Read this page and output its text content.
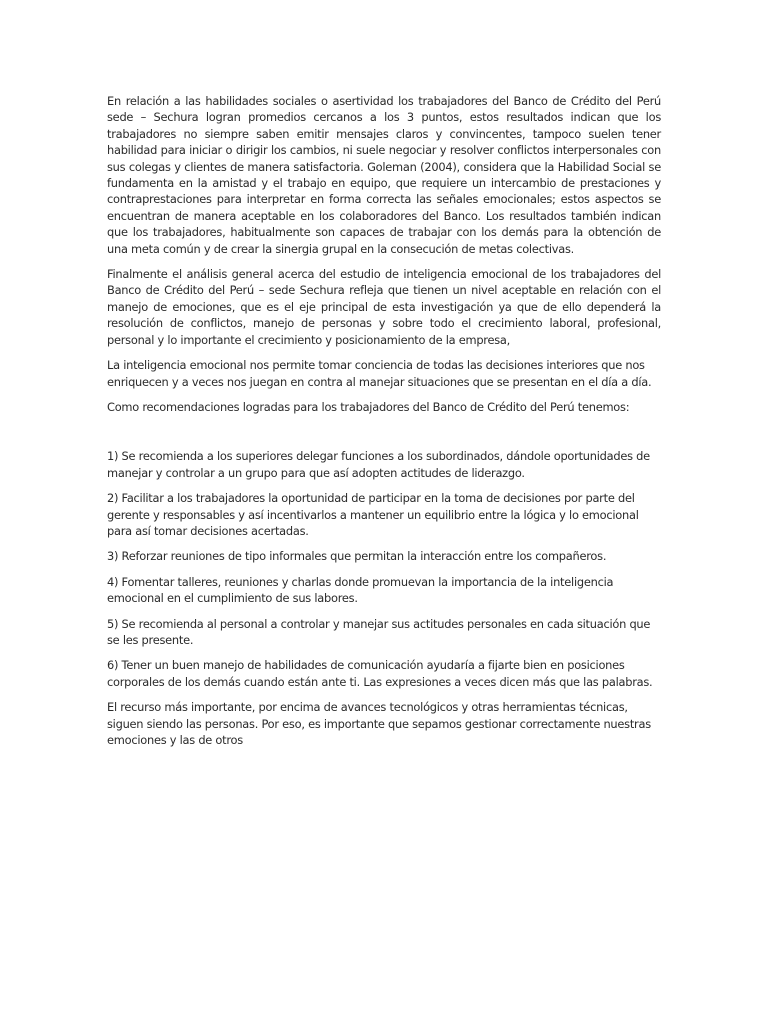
En relación a las habilidades sociales o asertividad los trabajadores del Banco de Crédito del Perú sede – Sechura logran promedios cercanos a los 3 puntos, estos resultados indican que los trabajadores no siempre saben emitir mensajes claros y convincentes, tampoco suelen tener habilidad para iniciar o dirigir los cambios, ni suele negociar y resolver conflictos interpersonales con sus colegas y clientes de manera satisfactoria. Goleman (2004), considera que la Habilidad Social se fundamenta en la amistad y el trabajo en equipo, que requiere un intercambio de prestaciones y contraprestaciones para interpretar en forma correcta las señales emocionales; estos aspectos se encuentran de manera aceptable en los colaboradores del Banco. Los resultados también indican que los trabajadores, habitualmente son capaces de trabajar con los demás para la obtención de una meta común y de crear la sinergia grupal en la consecución de metas colectivas.

Finalmente el análisis general acerca del estudio de inteligencia emocional de los trabajadores del Banco de Crédito del Perú – sede Sechura refleja que tienen un nivel aceptable en relación con el manejo de emociones, que es el eje principal de esta investigación ya que de ello dependerá la resolución de conflictos, manejo de personas y sobre todo el crecimiento laboral, profesional, personal y lo importante el crecimiento y posicionamiento de la empresa,

La inteligencia emocional nos permite tomar conciencia de todas las decisiones interiores que nos enriquecen y a veces nos juegan en contra al manejar situaciones que se presentan en el día a día.

Como recomendaciones logradas para los trabajadores del Banco de Crédito del Perú tenemos:

1) Se recomienda a los superiores delegar funciones a los subordinados, dándole oportunidades de manejar y controlar a un grupo para que así adopten actitudes de liderazgo.

2) Facilitar a los trabajadores la oportunidad de participar en la toma de decisiones por parte del gerente y responsables y así incentivarlos a mantener un equilibrio entre la lógica y lo emocional para así tomar decisiones acertadas.

3) Reforzar reuniones de tipo informales que permitan la interacción entre los compañeros.

4) Fomentar talleres, reuniones y charlas donde promuevan la importancia de la inteligencia emocional en el cumplimiento de sus labores.

5) Se recomienda al personal a controlar y manejar sus actitudes personales en cada situación que se les presente.

6) Tener un buen manejo de habilidades de comunicación ayudaría a fijarte bien en posiciones corporales de los demás cuando están ante ti. Las expresiones a veces dicen más que las palabras.

El recurso más importante, por encima de avances tecnológicos y otras herramientas técnicas, siguen siendo las personas. Por eso, es importante que sepamos gestionar correctamente nuestras emociones y las de otros
